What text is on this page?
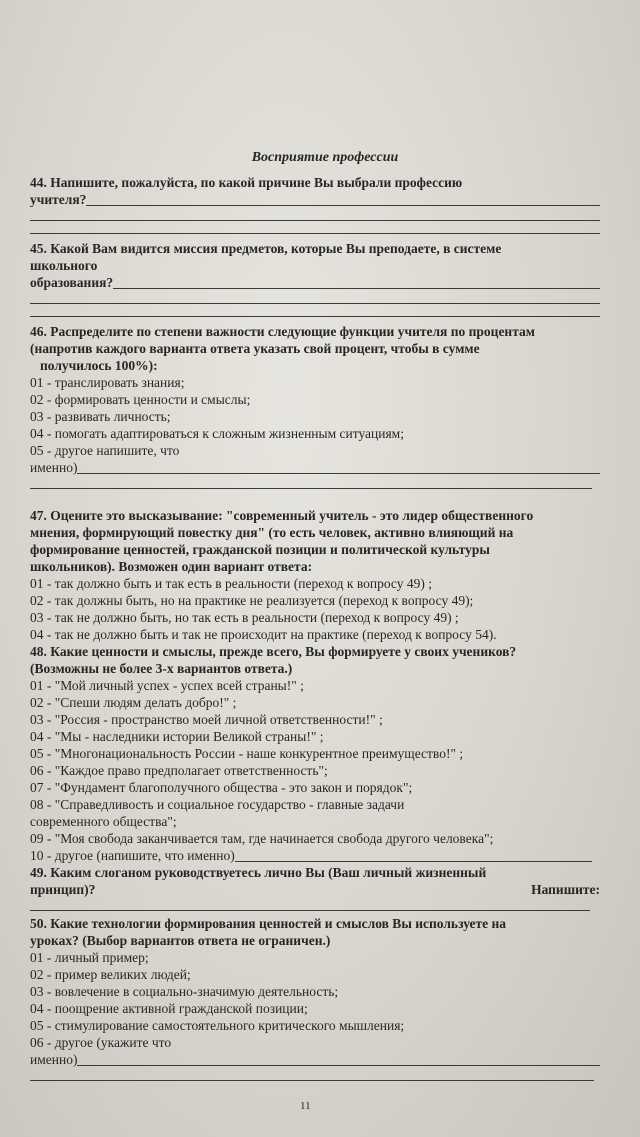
Восприятие профессии

44. Напишите, пожалуйста, по какой причине Вы выбрали профессию

учителя?

45. Какой Вам видится миссия предметов, которые Вы преподаете, в системе

школьного

образования?

46. Распределите по степени важности следующие функции учителя по процентам

(напротив каждого варианта ответа указать свой процент, чтобы в сумме

получилось 100%):

01 - транслировать знания;

02 - формировать ценности и смыслы;

03 - развивать личность;

04 - помогать адаптироваться к сложным жизненным ситуациям;

05 - другое напишите, что

именно)

47. Оцените это высказывание: "современный учитель - это лидер общественного

мнения, формирующий повестку дня" (то есть человек, активно влияющий на

формирование ценностей, гражданской позиции и политической культуры

школьников). Возможен один вариант ответа:

01 - так должно быть и так есть в реальности (переход к вопросу 49) ;

02 - так должны быть, но на практике не реализуется (переход к вопросу 49);

03 - так не должно быть, но так есть в реальности (переход к вопросу 49) ;

04 - так не должно быть и так не происходит на практике (переход к вопросу 54).

48. Какие ценности и смыслы, прежде всего, Вы формируете у своих учеников?

(Возможны не более 3-х вариантов ответа.)

01 - "Мой личный успех - успех всей страны!" ;

02 - "Спеши людям делать добро!" ;

03 - "Россия - пространство моей личной ответственности!" ;

04 - "Мы - наследники истории Великой страны!" ;

05 - "Многонациональность России - наше конкурентное преимущество!" ;

06 - "Каждое право предполагает ответственность";

07 - "Фундамент благополучного общества - это закон и порядок";

08 - "Справедливость и социальное государство - главные задачи

современного общества";

09 - "Моя свобода заканчивается там, где начинается свобода другого человека";

10 - другое (напишите, что именно)

49. Каким слоганом руководствуетесь лично Вы (Ваш личный жизненный

принцип)?	Напишите:

50. Какие технологии формирования ценностей и смыслов Вы используете на

уроках? (Выбор вариантов ответа не ограничен.)

01 - личный пример;

02 - пример великих людей;

03 - вовлечение в социально-значимую деятельность;

04 - поощрение активной гражданской позиции;

05 - стимулирование самостоятельного критического мышления;

06 - другое (укажите что

именно)

11
